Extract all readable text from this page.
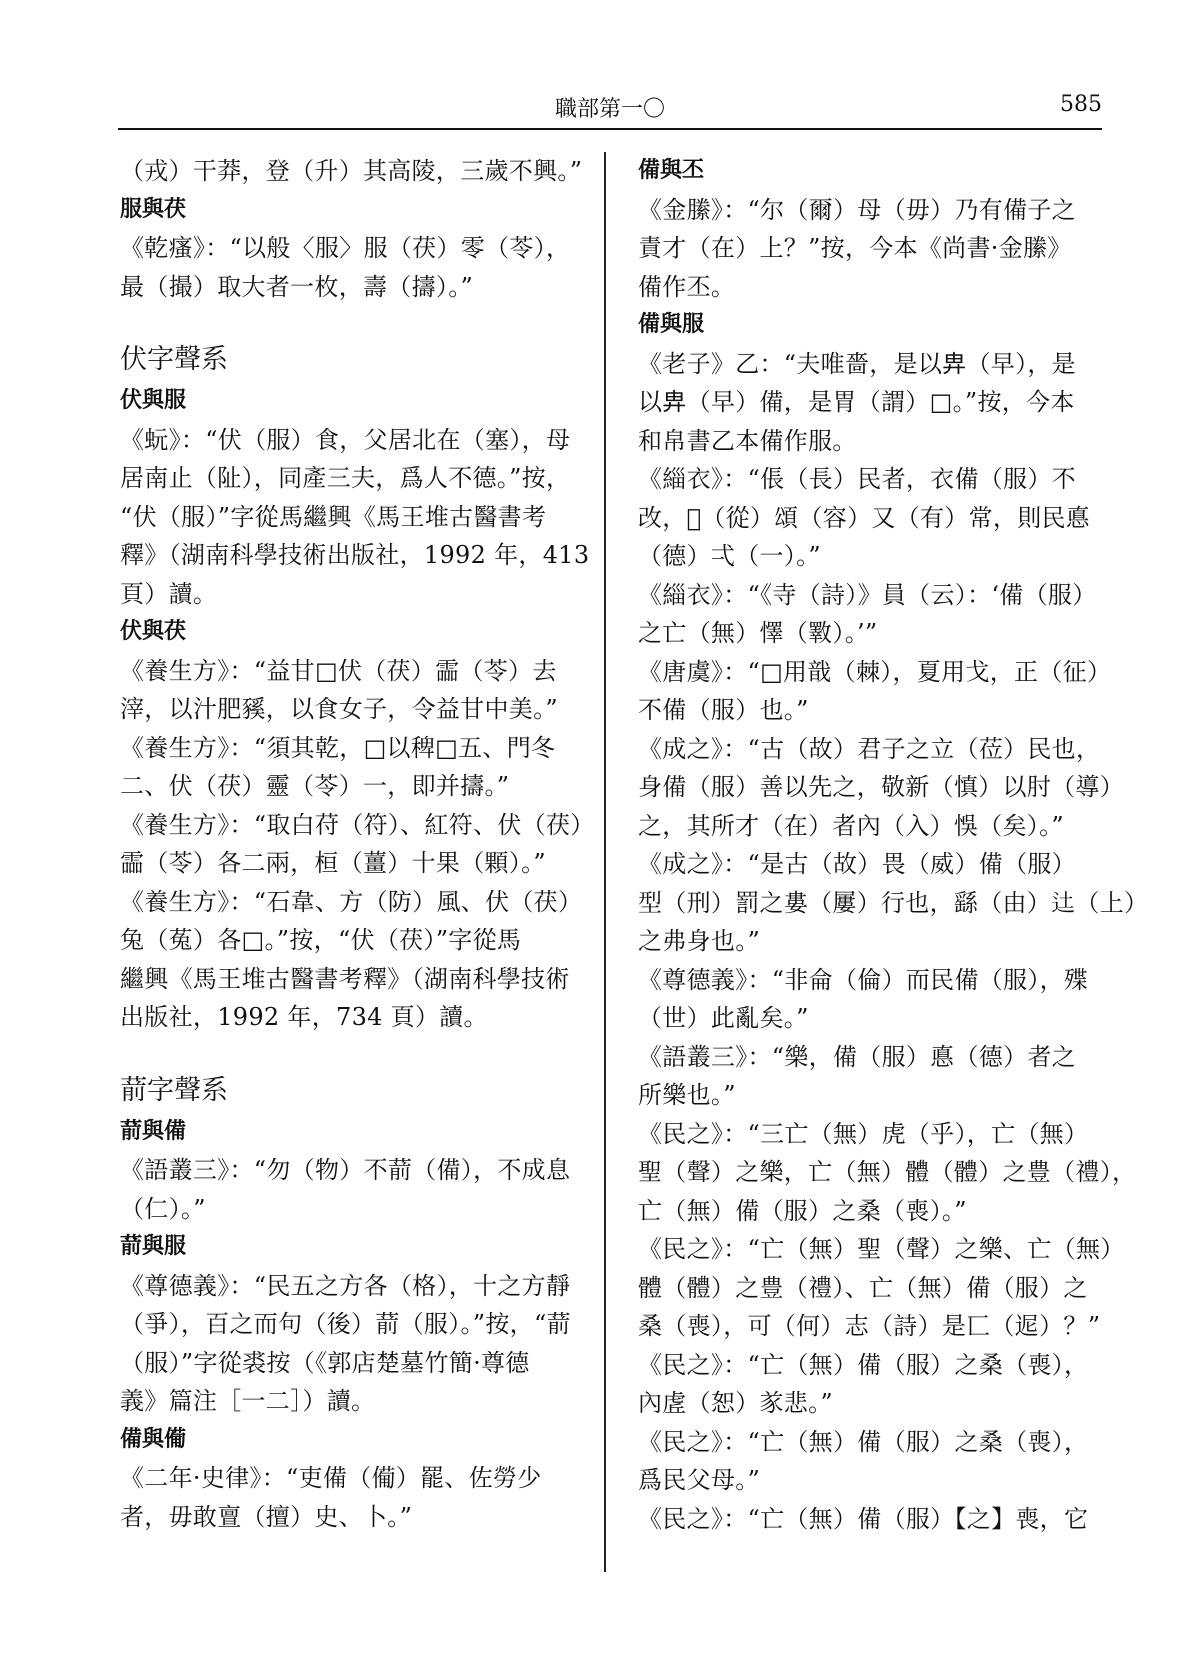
職部第一〇	585
（戎）⼲莽，登（升）其高陵，三歲不興。”
服與茯
《乾瘙》：“以般〈服〉服（茯）零（苓），
最（撮）取大者一枚，壽（擣）。”
伏字聲系
伏與服
《蚖》：“伏（服）食，父居北在（塞），母
居南止（阯），同產三夫，爲人不德。”按，
“伏（服）”字從馬繼興《馬王堆古醫書考
釋》（湖南科學技術出版社，1992 年，413
頁）讀。
伏與茯
《養生方》：“益甘□伏（茯）霝（苓）去
滓，以汁肥豯，以食女子，令益甘中美。”
《養生方》：“須其乾，□以稗□五、門冬
二、伏（茯）靈（苓）一，即并擣。”
《養生方》：“取白苻（符）、紅符、伏（茯）
霝（苓）各二兩，桓（薑）十果（顆）。”
《養生方》：“石韋、方（防）風、伏（茯）
兔（菟）各□。”按，“伏（茯）”字從馬
繼興《馬王堆古醫書考釋》（湖南科學技術
出版社，1992 年，734 頁）讀。
葥字聲系
葥與備
《語叢三》：“勿（物）不葥（備），不成息
（仁）。”
葥與服
《尊德義》：“民五之方各（格），十之方靜
（爭），百之而句（後）葥（服）。”按，“葥
（服）”字從裘按（《郭店楚墓竹簡·尊德
義》篇注［一二］）讀。
備與僃
《二年·史律》：“吏備（僃）罷、佐勞少
者，毋敢亶（擅）史、卜。”
備與丕
《金縢》：“尔（爾）母（毋）乃有備子之
責才（在）上？”按，今本《尚書·金縢》
備作丕。
備與服
《老子》乙：“夫唯嗇，是以𢍁（早），是
以𢍁（早）備，是胃（謂）□。”按，今本
和帛書乙本備作服。
《緇衣》：“倀（長）民者，衣備（服）不
改，𨓆（從）頌（容）又（有）常，則民悳
（德）弌（一）。”
《緇衣》：“《寺（詩）》員（云）：‘備（服）
之亡（無）懌（斁）。’”
《唐虞》：“□用戠（棘），夏用戈，正（征）
不備（服）也。”
《成之》：“古（故）君子之立（莅）民也，
身備（服）善以先之，敬新（慎）以肘（導）
之，其所才（在）者內（入）悞（矣）。”
《成之》：“是古（故）畏（威）備（服）
型（刑）罰之婁（屢）行也，繇（由）𨑒（上）
之弗身也。”
《尊德義》：“非侖（倫）而民備（服），殜
（世）此亂矣。”
《語叢三》：“樂，備（服）悳（德）者之
所樂也。”
《民之》：“三亡（無）虎（乎），亡（無）
聖（聲）之樂，亡（無）體（體）之豊（禮），
亡（無）備（服）之桑（喪）。”
《民之》：“亡（無）聖（聲）之樂、亡（無）
體（體）之豊（禮）、亡（無）備（服）之
桑（喪），可（何）志（詩）是匸（迡）？”
《民之》：“亡（無）備（服）之桑（喪），
內虗（恕）㒸悲。”
《民之》：“亡（無）備（服）之桑（喪），
爲民父母。”
《民之》：“亡（無）備（服）【之】喪，它
